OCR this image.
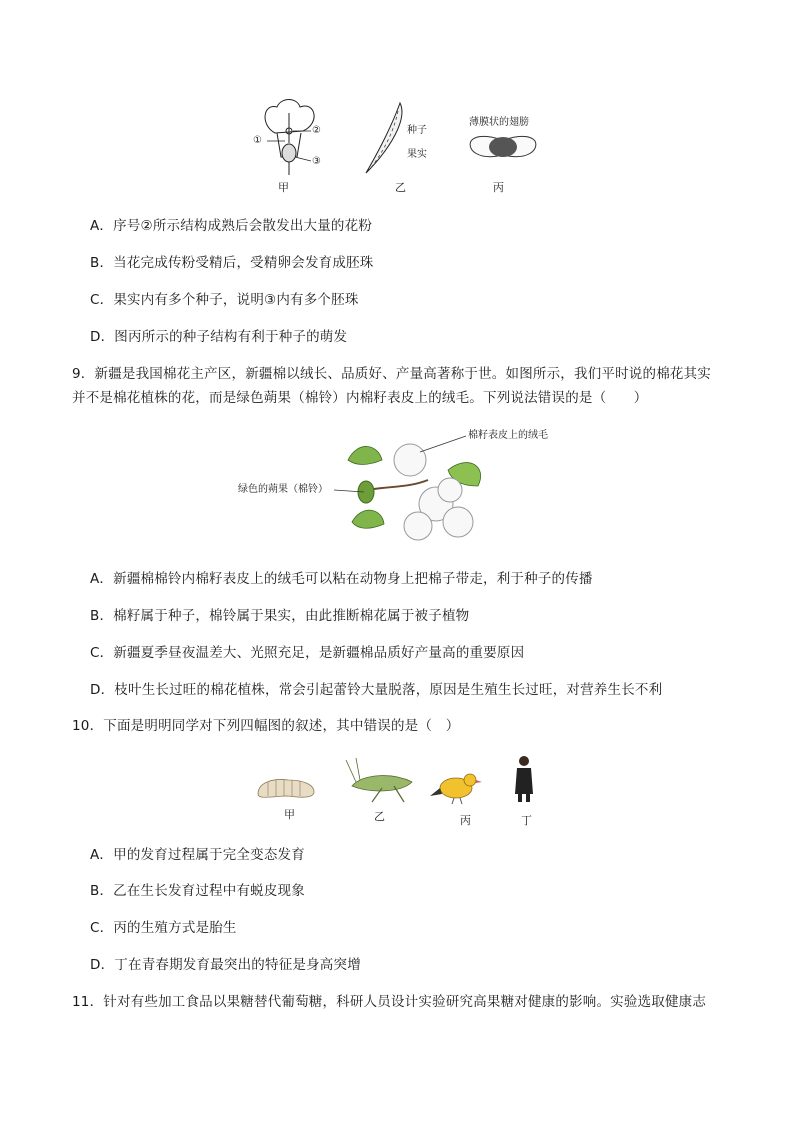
①
②
③
甲
种子
果实
乙
薄膜状的翅膀
丙
A．序号②所示结构成熟后会散发出大量的花粉
B．当花完成传粉受精后，受精卵会发育成胚珠
C．果实内有多个种子，说明③内有多个胚珠
D．图丙所示的种子结构有利于种子的萌发
9．新疆是我国棉花主产区，新疆棉以绒长、品质好、产量高著称于世。如图所示，我们平时说的棉花其实
并不是棉花植株的花，而是绿色蒴果（棉铃）内棉籽表皮上的绒毛。下列说法错误的是（　　）
棉籽表皮上的绒毛
绿色的蒴果（棉铃）
A．新疆棉棉铃内棉籽表皮上的绒毛可以粘在动物身上把棉子带走，利于种子的传播
B．棉籽属于种子，棉铃属于果实，由此推断棉花属于被子植物
C．新疆夏季昼夜温差大、光照充足，是新疆棉品质好产量高的重要原因
D．枝叶生长过旺的棉花植株，常会引起蕾铃大量脱落，原因是生殖生长过旺，对营养生长不利
10．下面是明明同学对下列四幅图的叙述，其中错误的是（　）
甲	乙	丙	丁
A．甲的发育过程属于完全变态发育
B．乙在生长发育过程中有蜕皮现象
C．丙的生殖方式是胎生
D．丁在青春期发育最突出的特征是身高突增
11．针对有些加工食品以果糖替代葡萄糖，科研人员设计实验研究高果糖对健康的影响。实验选取健康志
